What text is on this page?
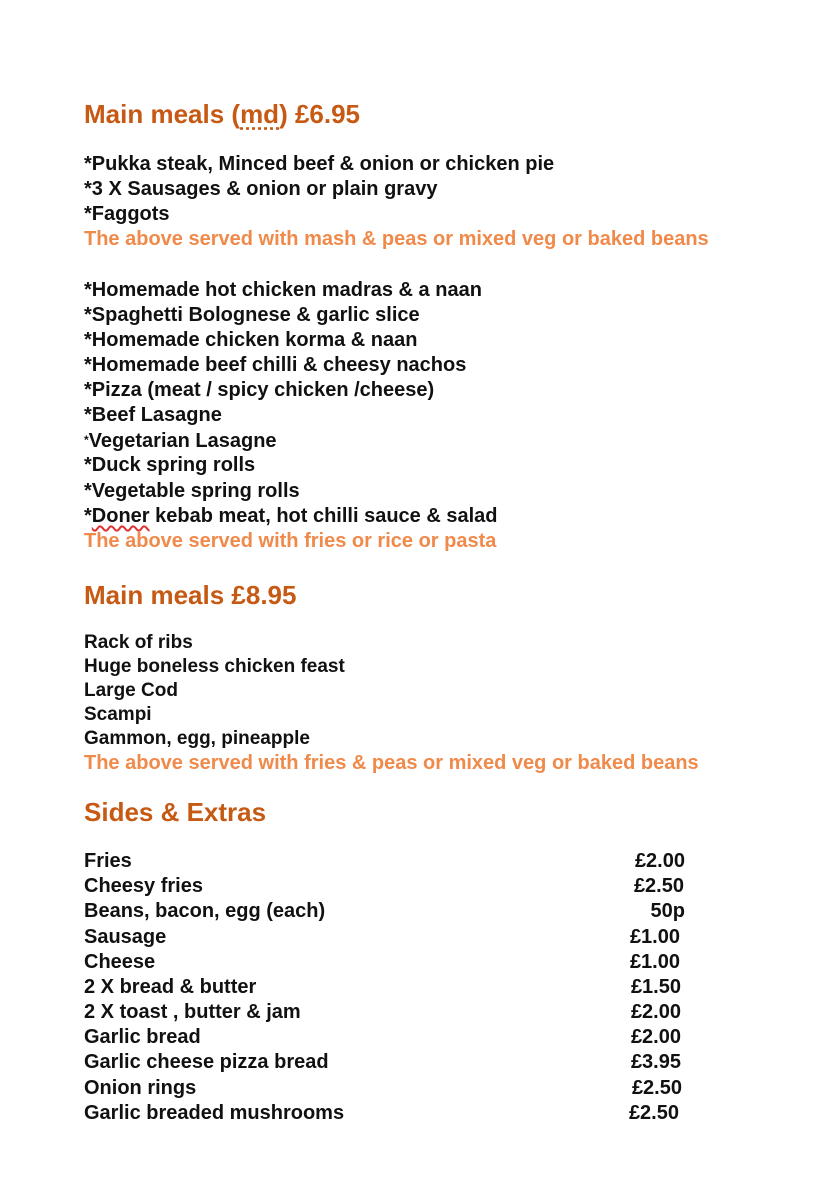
Main meals (md) £6.95
*Pukka steak, Minced beef & onion or chicken pie
*3 X Sausages & onion or plain gravy
*Faggots
The above served with mash & peas or mixed veg or baked beans
*Homemade hot chicken madras & a naan
*Spaghetti Bolognese & garlic slice
*Homemade chicken korma & naan
*Homemade beef chilli & cheesy nachos
*Pizza (meat / spicy chicken /cheese)
*Beef Lasagne
*Vegetarian Lasagne
*Duck spring rolls
*Vegetable spring rolls
*Doner kebab meat, hot chilli sauce & salad
The above served with fries or rice or pasta
Main meals £8.95
Rack of ribs
Huge boneless chicken feast
Large Cod
Scampi
Gammon, egg, pineapple
The above served with fries & peas or mixed veg or baked beans
Sides & Extras
Fries	£2.00
Cheesy fries	£2.50
Beans, bacon, egg (each)	50p
Sausage	£1.00
Cheese	£1.00
2 X bread & butter	£1.50
2 X toast , butter & jam	£2.00
Garlic bread	£2.00
Garlic cheese pizza bread	£3.95
Onion rings	£2.50
Garlic breaded mushrooms	£2.50
